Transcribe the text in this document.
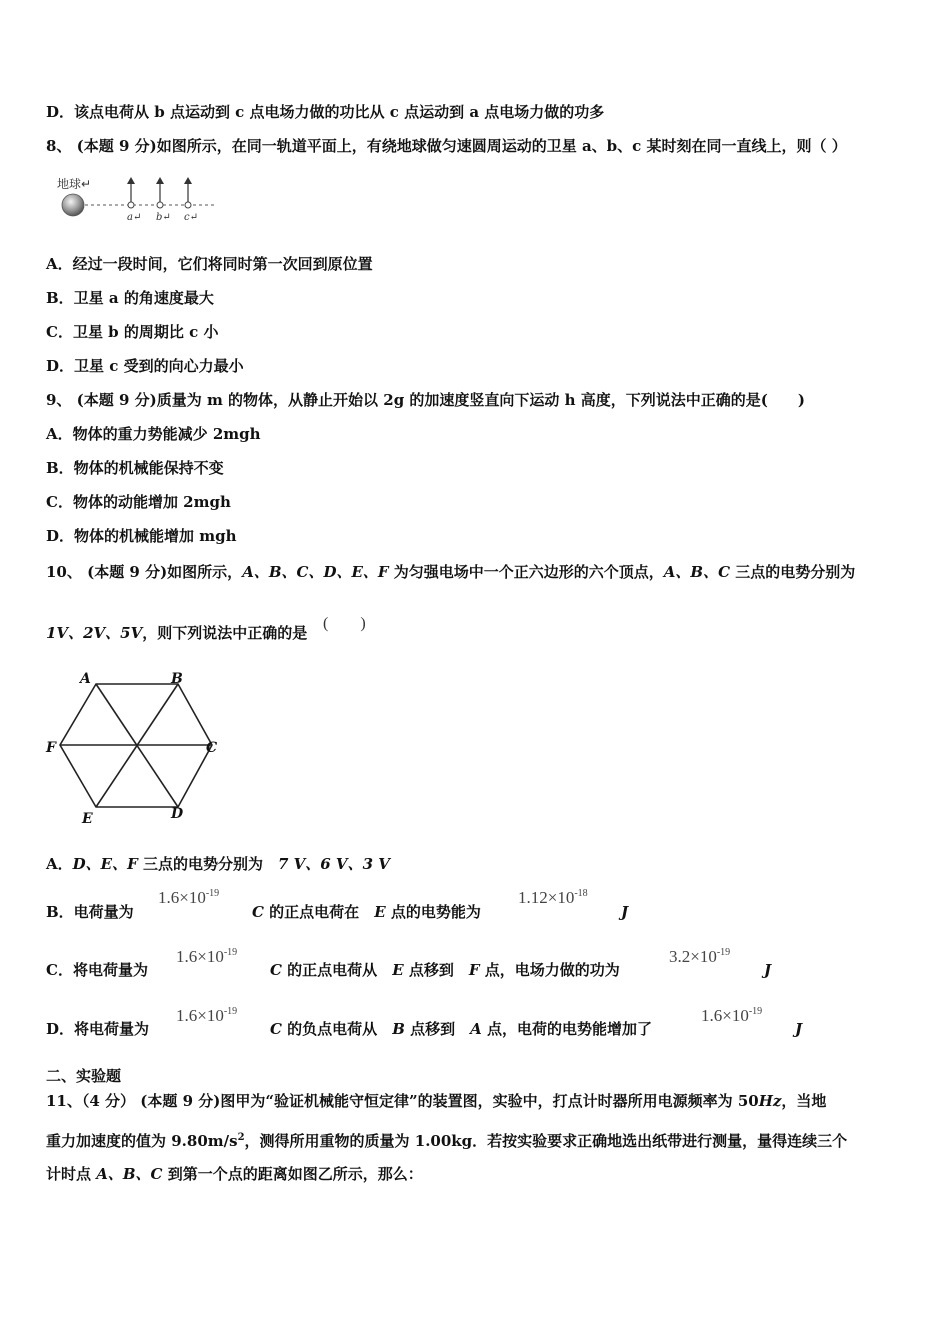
D．该点电荷从 b 点运动到 c 点电场力做的功比从 c 点运动到 a 点电场力做的功多
8、 (本题 9 分)如图所示，在同一轨道平面上，有绕地球做匀速圆周运动的卫星 a、b、c 某时刻在同一直线上，则（ ）
地球↵
a↵ b↵ c↵
A．经过一段时间，它们将同时第一次回到原位置
B．卫星 a 的角速度最大
C．卫星 b 的周期比 c 小
D．卫星 c 受到的向心力最小
9、 (本题 9 分)质量为 m 的物体，从静止开始以 2g 的加速度竖直向下运动 h 高度，下列说法中正确的是(　　)
A．物体的重力势能减少 2mgh
B．物体的机械能保持不变
C．物体的动能增加 2mgh
D．物体的机械能增加 mgh
10、 (本题 9 分)如图所示，A、B、C、D、E、F 为匀强电场中一个正六边形的六个顶点，A、B、C 三点的电势分别为
1V、2V、5V，则下列说法中正确的是
(　　)
A	B
C
D
E
F
A．D、E、F 三点的电势分别为　7 V、6 V、3 V
B．电荷量为
$1.6\times 10^{-19}$
C 的正点电荷在　E 点的电势能为
$1.12\times 10^{-18}$
J
C．将电荷量为
$1.6\times 10^{-19}$
C 的正点电荷从　E 点移到　F 点，电场力做的功为
$3.2\times 10^{-19}$
J
D．将电荷量为
$1.6\times 10^{-19}$
C 的负点电荷从　B 点移到　A 点，电荷的电势能增加了
$1.6\times 10^{-19}$
J
二、实验题
11、（4 分） (本题 9 分)图甲为“验证机械能守恒定律”的装置图，实验中，打点计时器所用电源频率为 50Hz，当地
重力加速度的值为 $9.80m/s^2$，测得所用重物的质量为 1.00kg．若按实验要求正确地选出纸带进行测量，量得连续三个
计时点 A、B、C 到第一个点的距离如图乙所示，那么：
